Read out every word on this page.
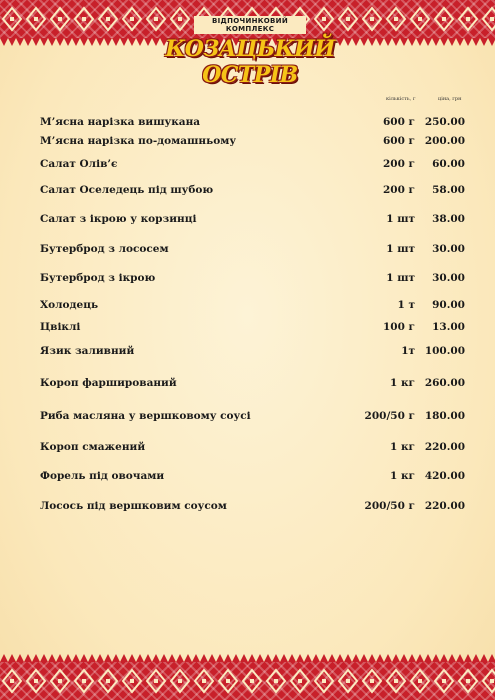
ВІДПОЧИНКОВИЙ КОМПЛЕКС
КОЗАЦЬКИЙ ОСТРІВ
кількість, г	ціна, грн
М’ясна нарізка вишукана	600 г 250.00
М’ясна нарізка по-домашньому	600 г 200.00
Салат Олів’є	200 г 60.00
Салат Оселедець під шубою	200 г 58.00
Салат з ікрою у корзинці	1 шт 38.00
Бутерброд з лососем	1 шт 30.00
Бутерброд з ікрою	1 шт 30.00
Холодець	1 т 90.00
Цвіклі	100 г 13.00
Язик заливний	1т 100.00
Короп фарширований	1 кг 260.00
Риба масляна у вершковому соусі	200/50 г 180.00
Короп смажений	1 кг 220.00
Форель під овочами	1 кг 420.00
Лосось під вершковим соусом	200/50 г 220.00
